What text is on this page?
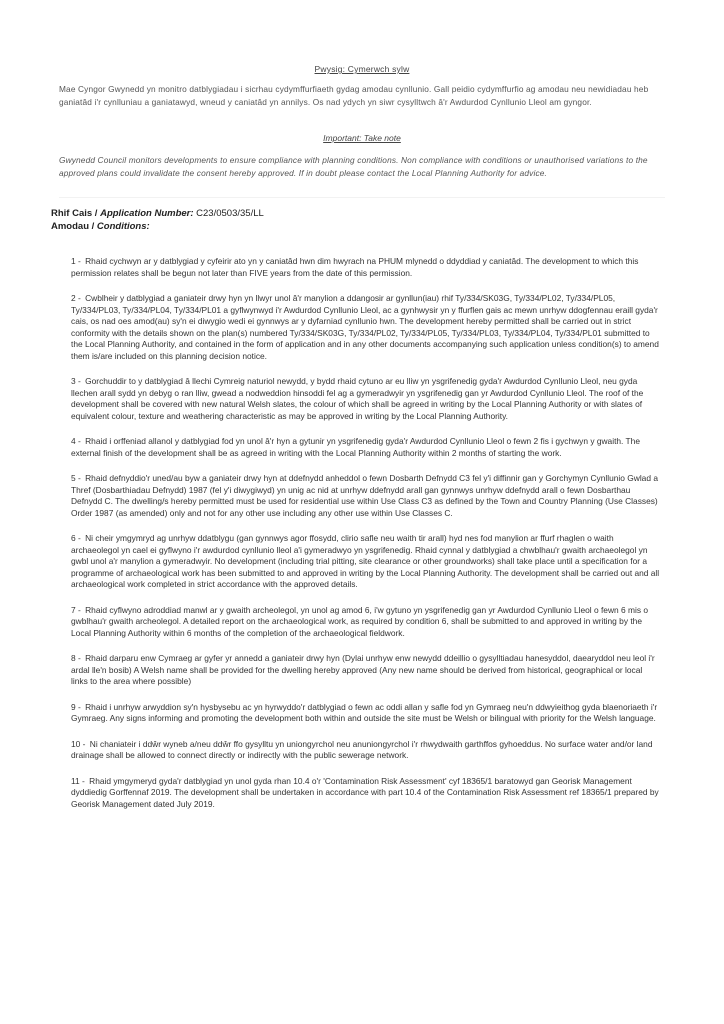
Pwysig: Cymerwch sylw
Mae Cyngor Gwynedd yn monitro datblygiadau i sicrhau cydymffurfiaeth gydag amodau cynllunio. Gall peidio cydymffurfio ag amodau neu newidiadau heb ganiatâd i'r cynlluniau a ganiatawyd, wneud y caniatâd yn annilys. Os nad ydych yn siwr cysylltwch â'r Awdurdod Cynllunio Lleol am gyngor.
Important: Take note
Gwynedd Council monitors developments to ensure compliance with planning conditions. Non compliance with conditions or unauthorised variations to the approved plans could invalidate the consent hereby approved. If in doubt please contact the Local Planning Authority for advice.
Rhif Cais / Application Number: C23/0503/35/LL
Amodau / Conditions:

1 - Rhaid cychwyn ar y datblygiad y cyfeirir ato yn y caniatâd hwn dim hwyrach na PHUM mlynedd o ddyddiad y caniatâd. The development to which this permission relates shall be begun not later than FIVE years from the date of this permission.

2 - Cwblheir y datblygiad a ganiateir drwy hyn yn llwyr unol â'r manylion a ddangosir ar gynllun(iau) rhif Ty/334/SK03G, Ty/334/PL02, Ty/334/PL05, Ty/334/PL03, Ty/334/PL04, Ty/334/PL01 a gyflwynwyd i'r Awdurdod Cynllunio Lleol, ac a gynhwysir yn y ffurflen gais ac mewn unrhyw ddogfennau eraill gyda'r cais, os nad oes amod(au) sy'n ei diwygio wedi ei gynnwys ar y dyfarniad cynllunio hwn. The development hereby permitted shall be carried out in strict conformity with the details shown on the plan(s) numbered Ty/334/SK03G, Ty/334/PL02, Ty/334/PL05, Ty/334/PL03, Ty/334/PL04, Ty/334/PL01 submitted to the Local Planning Authority, and contained in the form of application and in any other documents accompanying such application unless condition(s) to amend them is/are included on this planning decision notice.

3 - Gorchuddir to y datblygiad â llechi Cymreig naturiol newydd, y bydd rhaid cytuno ar eu lliw yn ysgrifenedig gyda'r Awdurdod Cynllunio Lleol, neu gyda llechen arall sydd yn debyg o ran lliw, gwead a nodweddion hinsoddi fel ag a gymeradwyir yn ysgrifenedig gan yr Awdurdod Cynllunio Lleol. The roof of the development shall be covered with new natural Welsh slates, the colour of which shall be agreed in writing by the Local Planning Authority or with slates of equivalent colour, texture and weathering characteristic as may be approved in writing by the Local Planning Authority.

4 - Rhaid i orffeniad allanol y datblygiad fod yn unol â'r hyn a gytunir yn ysgrifenedig gyda'r Awdurdod Cynllunio Lleol o fewn 2 fis i gychwyn y gwaith. The external finish of the development shall be as agreed in writing with the Local Planning Authority within 2 months of starting the work.

5 - Rhaid defnyddio'r uned/au byw a ganiateir drwy hyn at ddefnydd anheddol o fewn Dosbarth Defnydd C3 fel y'i diffinnir gan y Gorchymyn Cynllunio Gwlad a Thref (Dosbarthiadau Defnydd) 1987 (fel y'i diwygiwyd) yn unig ac nid at unrhyw ddefnydd arall gan gynnwys unrhyw ddefnydd arall o fewn Dosbarthau Defnydd C. The dwelling/s hereby permitted must be used for residential use within Use Class C3 as defined by the Town and Country Planning (Use Classes) Order 1987 (as amended) only and not for any other use including any other use within Use Classes C.

6 - Ni cheir ymgymryd ag unrhyw ddatblygu (gan gynnwys agor ffosydd, clirio safle neu waith tir arall) hyd nes fod manylion ar ffurf rhaglen o waith archaeolegol yn cael ei gyflwyno i'r awdurdod cynllunio lleol a'i gymeradwyo yn ysgrifenedig. Rhaid cynnal y datblygiad a chwblhau'r gwaith archaeolegol yn gwbl unol a'r manylion a gymeradwyir. No development (including trial pitting, site clearance or other groundworks) shall take place until a specification for a programme of archaeological work has been submitted to and approved in writing by the Local Planning Authority. The development shall be carried out and all archaeological work completed in strict accordance with the approved details.

7 - Rhaid cyflwyno adroddiad manwl ar y gwaith archeolegol, yn unol ag amod 6, i'w gytuno yn ysgrifenedig gan yr Awdurdod Cynllunio Lleol o fewn 6 mis o gwblhau'r gwaith archeolegol. A detailed report on the archaeological work, as required by condition 6, shall be submitted to and approved in writing by the Local Planning Authority within 6 months of the completion of the archaeological fieldwork.

8 - Rhaid darparu enw Cymraeg ar gyfer yr annedd a ganiateir drwy hyn (Dylai unrhyw enw newydd ddeillio o gysylltiadau hanesyddol, daearyddol neu leol i'r ardal lle'n bosib) A Welsh name shall be provided for the dwelling hereby approved (Any new name should be derived from historical, geographical or local links to the area where possible)

9 - Rhaid i unrhyw arwyddion sy'n hysbysebu ac yn hyrwyddo'r datblygiad o fewn ac oddi allan y safle fod yn Gymraeg neu'n ddwyieithog gyda blaenoriaeth i'r Gymraeg. Any signs informing and promoting the development both within and outside the site must be Welsh or bilingual with priority for the Welsh language.

10 - Ni chaniateir i ddŵr wyneb a/neu ddŵr ffo gysylltu yn uniongyrchol neu anuniongyrchol i'r rhwydwaith garthffos gyhoeddus. No surface water and/or land drainage shall be allowed to connect directly or indirectly with the public sewerage network.

11 - Rhaid ymgymeryd gyda'r datblygiad yn unol gyda rhan 10.4 o'r 'Contamination Risk Assessment' cyf 18365/1 baratowyd gan Georisk Management dyddiedig Gorffennaf 2019. The development shall be undertaken in accordance with part 10.4 of the Contamination Risk Assessment ref 18365/1 prepared by Georisk Management dated July 2019.
